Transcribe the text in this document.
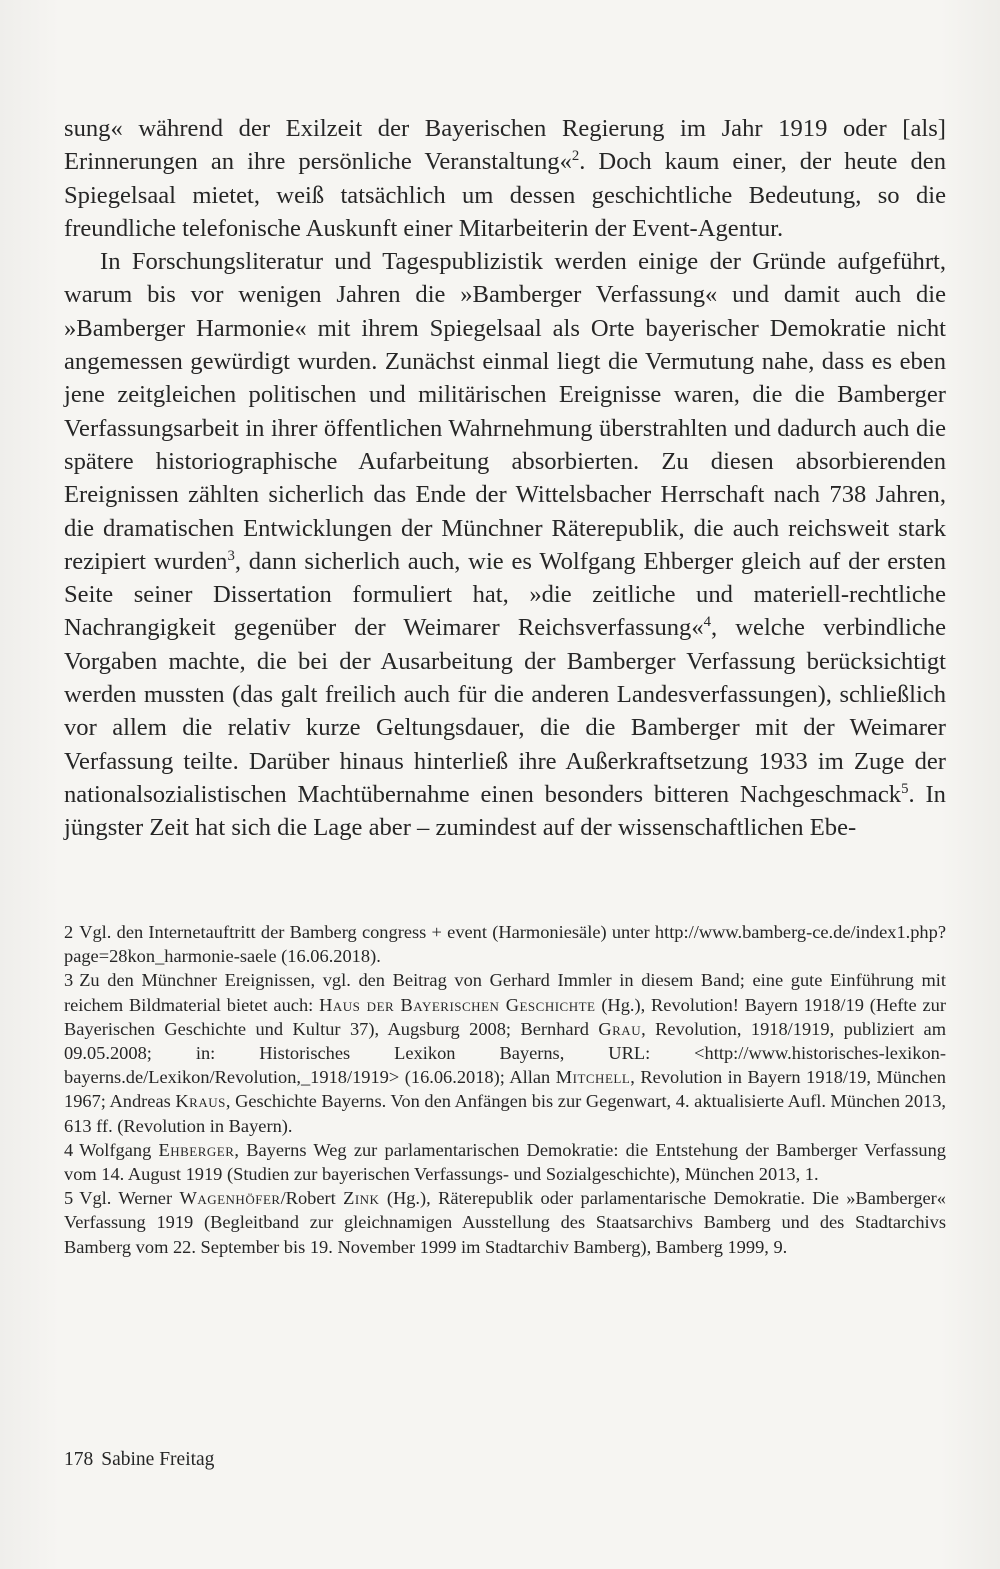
sung« während der Exilzeit der Bayerischen Regierung im Jahr 1919 oder [als] Erinnerungen an ihre persönliche Veranstaltung«$^2$. Doch kaum einer, der heute den Spiegelsaal mietet, weiß tatsächlich um dessen geschichtliche Bedeutung, so die freundliche telefonische Auskunft einer Mitarbeiterin der Event-Agentur.

In Forschungsliteratur und Tagespublizistik werden einige der Gründe aufgeführt, warum bis vor wenigen Jahren die »Bamberger Verfassung« und damit auch die »Bamberger Harmonie« mit ihrem Spiegelsaal als Orte bayerischer Demokratie nicht angemessen gewürdigt wurden. Zunächst einmal liegt die Vermutung nahe, dass es eben jene zeitgleichen politischen und militärischen Ereignisse waren, die die Bamberger Verfassungsarbeit in ihrer öffentlichen Wahrnehmung überstrahlten und dadurch auch die spätere historiographische Aufarbeitung absorbierten. Zu diesen absorbierenden Ereignissen zählten sicherlich das Ende der Wittelsbacher Herrschaft nach 738 Jahren, die dramatischen Entwicklungen der Münchner Räterepublik, die auch reichsweit stark rezipiert wurden$^3$, dann sicherlich auch, wie es Wolfgang Ehberger gleich auf der ersten Seite seiner Dissertation formuliert hat, »die zeitliche und materiell-rechtliche Nachrangigkeit gegenüber der Weimarer Reichsverfassung«$^4$, welche verbindliche Vorgaben machte, die bei der Ausarbeitung der Bamberger Verfassung berücksichtigt werden mussten (das galt freilich auch für die anderen Landesverfassungen), schließlich vor allem die relativ kurze Geltungsdauer, die die Bamberger mit der Weimarer Verfassung teilte. Darüber hinaus hinterließ ihre Außerkraftsetzung 1933 im Zuge der nationalsozialistischen Machtübernahme einen besonders bitteren Nachgeschmack$^5$. In jüngster Zeit hat sich die Lage aber – zumindest auf der wissenschaftlichen Ebe-

2 Vgl. den Internetauftritt der Bamberg congress + event (Harmoniesäle) unter http://www.bamberg-ce.de/index1.php?page=28kon_harmonie-saele (16.06.2018).

3 Zu den Münchner Ereignissen, vgl. den Beitrag von Gerhard Immler in diesem Band; eine gute Einführung mit reichem Bildmaterial bietet auch: Haus der Bayerischen Geschichte (Hg.), Revolution! Bayern 1918/19 (Hefte zur Bayerischen Geschichte und Kultur 37), Augsburg 2008; Bernhard Grau, Revolution, 1918/1919, publiziert am 09.05.2008; in: Historisches Lexikon Bayerns, URL: <http://www.historisches-lexikon-bayerns.de/Lexikon/Revolution,_1918/1919> (16.06.2018); Allan Mitchell, Revolution in Bayern 1918/19, München 1967; Andreas Kraus, Geschichte Bayerns. Von den Anfängen bis zur Gegenwart, 4. aktualisierte Aufl. München 2013, 613 ff. (Revolution in Bayern).

4 Wolfgang Ehberger, Bayerns Weg zur parlamentarischen Demokratie: die Entstehung der Bamberger Verfassung vom 14. August 1919 (Studien zur bayerischen Verfassungs- und Sozialgeschichte), München 2013, 1.

5 Vgl. Werner Wagenhöfer/Robert Zink (Hg.), Räterepublik oder parlamentarische Demokratie. Die »Bamberger« Verfassung 1919 (Begleitband zur gleichnamigen Ausstellung des Staatsarchivs Bamberg und des Stadtarchivs Bamberg vom 22. September bis 19. November 1999 im Stadtarchiv Bamberg), Bamberg 1999, 9.

178 Sabine Freitag
